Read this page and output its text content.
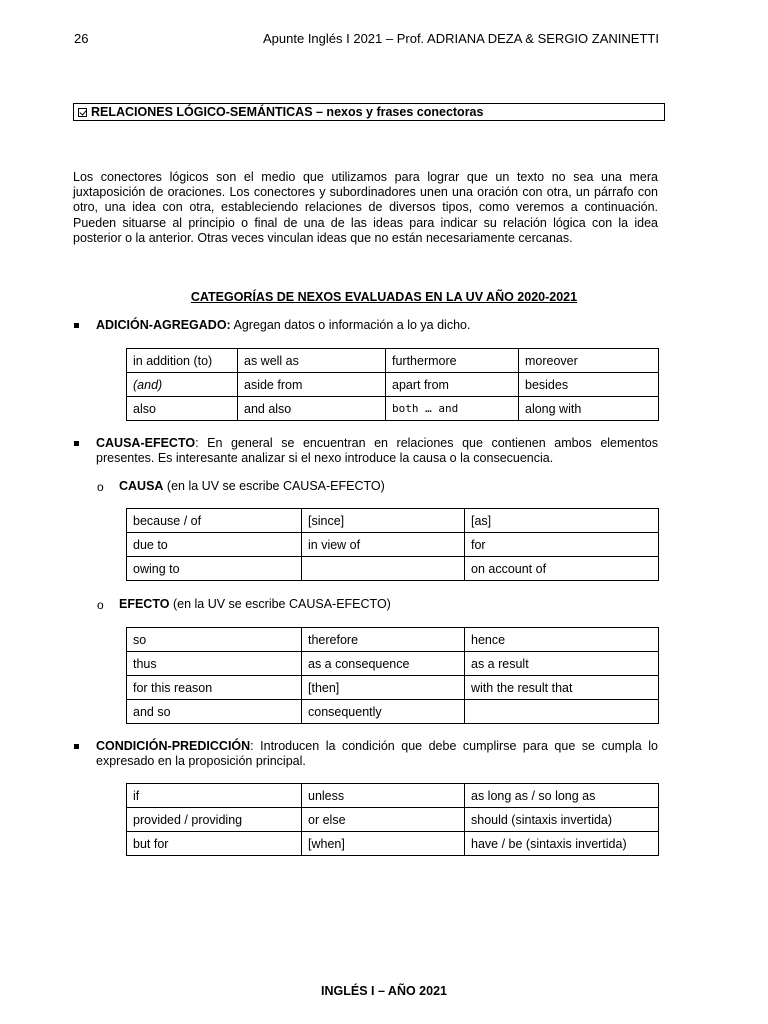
26	Apunte Inglés I 2021 – Prof. ADRIANA DEZA & SERGIO ZANINETTI
RELACIONES LÓGICO-SEMÁNTICAS – nexos y frases conectoras

Los conectores lógicos son el medio que utilizamos para lograr que un texto no sea una mera juxtaposición de oraciones. Los conectores y subordinadores unen una oración con otra, un párrafo con otro, una idea con otra, estableciendo relaciones de diversos tipos, como veremos a continuación. Pueden situarse al principio o final de una de las ideas para indicar su relación lógica con la idea posterior o la anterior. Otras veces vinculan ideas que no están necesariamente cercanas.

CATEGORÍAS DE NEXOS EVALUADAS EN LA UV AÑO 2020-2021

ADICIÓN-AGREGADO: Agregan datos o información a lo ya dicho.

in addition (to)	as well as	furthermore	moreover
(and)	aside from	apart from	besides
also	and also	both … and	along with

CAUSA-EFECTO: En general se encuentran en relaciones que contienen ambos elementos presentes. Es interesante analizar si el nexo introduce la causa o la consecuencia.

o CAUSA (en la UV se escribe CAUSA-EFECTO)
because / of	[since]	[as]
due to	in view of	for
owing to		on account of
o EFECTO (en la UV se escribe CAUSA-EFECTO)
so	therefore	hence
thus	as a consequence	as a result
for this reason	[then]	with the result that
and so	consequently	

CONDICIÓN-PREDICCIÓN: Introducen la condición que debe cumplirse para que se cumpla lo expresado en la proposición principal.

if	unless	as long as / so long as
provided / providing	or else	should (sintaxis invertida)
but for	[when]	have / be (sintaxis invertida)
INGLÉS I – AÑO 2021
